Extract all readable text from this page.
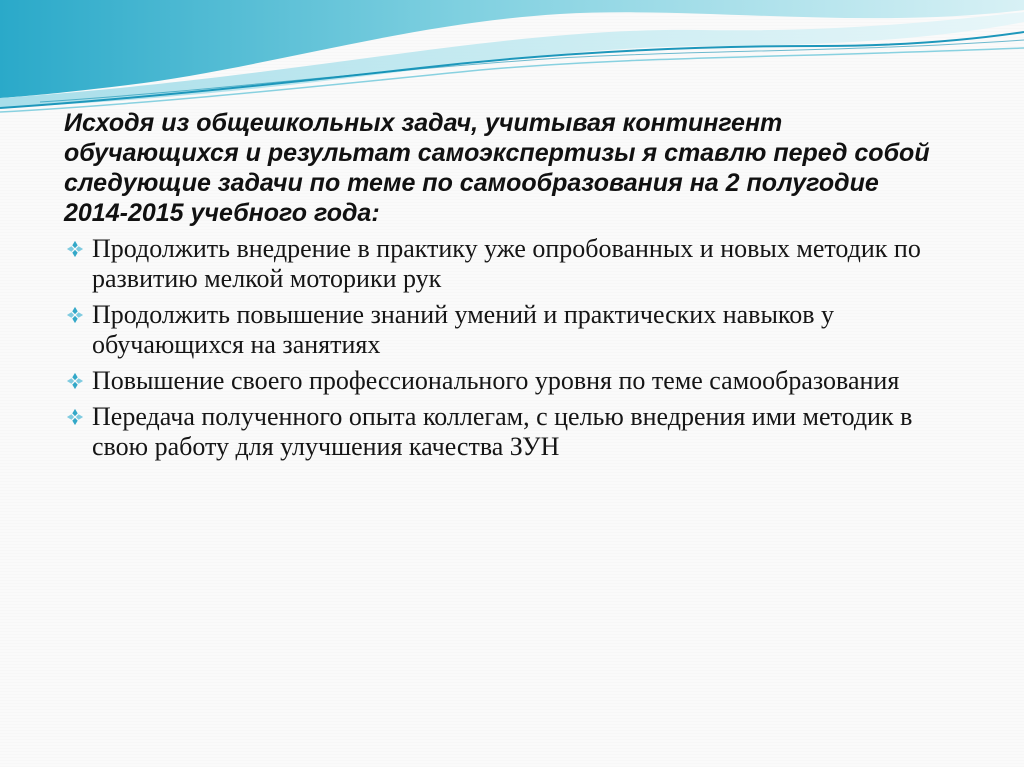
Исходя из общешкольных задач, учитывая контингент обучающихся и результат самоэкспертизы я ставлю перед собой следующие задачи по теме по самообразования на 2 полугодие 2014-2015 учебного года:

Продолжить внедрение в практику уже опробованных и новых методик по развитию мелкой моторики рук
Продолжить повышение знаний умений и практических навыков у обучающихся на занятиях
Повышение своего профессионального уровня по теме самообразования
Передача полученного опыта коллегам, с целью внедрения ими методик в свою работу для улучшения качества ЗУН
